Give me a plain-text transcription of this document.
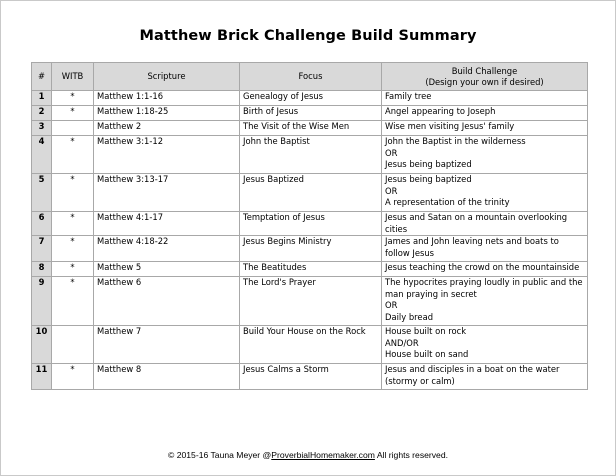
Matthew Brick Challenge Build Summary
#	WITB	Scripture	Focus	Build Challenge
(Design your own if desired)

1	*	Matthew 1:1-16	Genealogy of Jesus	Family tree

2	*	Matthew 1:18-25	Birth of Jesus	Angel appearing to Joseph

3		Matthew 2	The Visit of the Wise Men	Wise men visiting Jesus' family

4	*	Matthew 3:1-12	John the Baptist	John the Baptist in the wilderness
OR
Jesus being baptized

5	*	Matthew 3:13-17	Jesus Baptized	Jesus being baptized
OR
A representation of the trinity

6	*	Matthew 4:1-17	Temptation of Jesus	Jesus and Satan on a mountain overlooking cities

7	*	Matthew 4:18-22	Jesus Begins Ministry	James and John leaving nets and boats to follow Jesus

8	*	Matthew 5	The Beatitudes	Jesus teaching the crowd on the mountainside

9	*	Matthew 6	The Lord's Prayer	The hypocrites praying loudly in public and the man praying in secret
OR
Daily bread

10		Matthew 7	Build Your House on the Rock	House built on rock
AND/OR
House built on sand

11	*	Matthew 8	Jesus Calms a Storm	Jesus and disciples in a boat on the water (stormy or calm)
© 2015-16 Tauna Meyer @ProverbialHomemaker.com All rights reserved.
